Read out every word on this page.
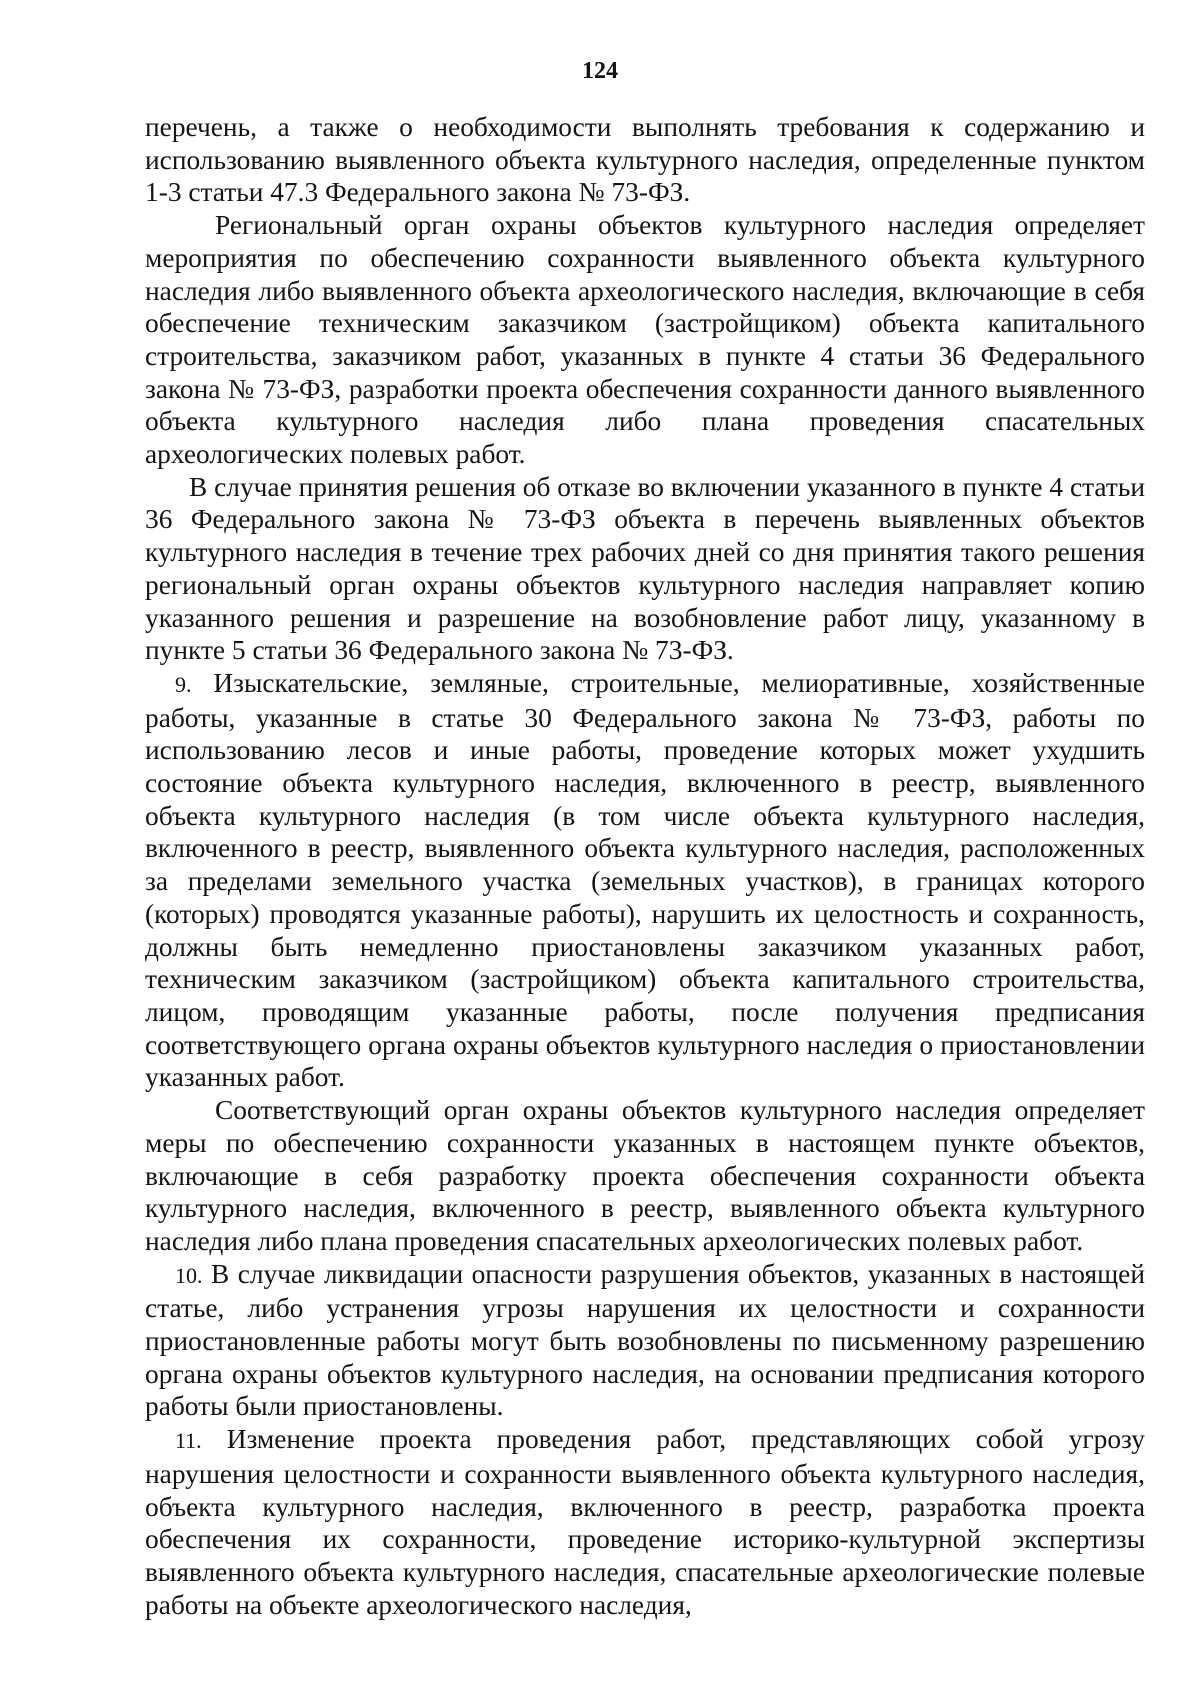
124

перечень, а также о необходимости выполнять требования к содержанию и использованию выявленного объекта культурного наследия, определенные пунктом 1-3 статьи 47.3 Федерального закона № 73-ФЗ.

Региональный орган охраны объектов культурного наследия определяет мероприятия по обеспечению сохранности выявленного объекта культурного наследия либо выявленного объекта археологического наследия, включающие в себя обеспечение техническим заказчиком (застройщиком) объекта капитального строительства, заказчиком работ, указанных в пункте 4 статьи 36 Федерального закона № 73-ФЗ, разработки проекта обеспечения сохранности данного выявленного объекта культурного наследия либо плана проведения спасательных археологических полевых работ.

В случае принятия решения об отказе во включении указанного в пункте 4 статьи 36 Федерального закона № 73-ФЗ объекта в перечень выявленных объектов культурного наследия в течение трех рабочих дней со дня принятия такого решения региональный орган охраны объектов культурного наследия направляет копию указанного решения и разрешение на возобновление работ лицу, указанному в пункте 5 статьи 36 Федерального закона № 73-ФЗ.

9. Изыскательские, земляные, строительные, мелиоративные, хозяйственные работы, указанные в статье 30 Федерального закона № 73-ФЗ, работы по использованию лесов и иные работы, проведение которых может ухудшить состояние объекта культурного наследия, включенного в реестр, выявленного объекта культурного наследия (в том числе объекта культурного наследия, включенного в реестр, выявленного объекта культурного наследия, расположенных за пределами земельного участка (земельных участков), в границах которого (которых) проводятся указанные работы), нарушить их целостность и сохранность, должны быть немедленно приостановлены заказчиком указанных работ, техническим заказчиком (застройщиком) объекта капитального строительства, лицом, проводящим указанные работы, после получения предписания соответствующего органа охраны объектов культурного наследия о приостановлении указанных работ.

Соответствующий орган охраны объектов культурного наследия определяет меры по обеспечению сохранности указанных в настоящем пункте объектов, включающие в себя разработку проекта обеспечения сохранности объекта культурного наследия, включенного в реестр, выявленного объекта культурного наследия либо плана проведения спасательных археологических полевых работ.

10. В случае ликвидации опасности разрушения объектов, указанных в настоящей статье, либо устранения угрозы нарушения их целостности и сохранности приостановленные работы могут быть возобновлены по письменному разрешению органа охраны объектов культурного наследия, на основании предписания которого работы были приостановлены.

11. Изменение проекта проведения работ, представляющих собой угрозу нарушения целостности и сохранности выявленного объекта культурного наследия, объекта культурного наследия, включенного в реестр, разработка проекта обеспечения их сохранности, проведение историко-культурной экспертизы выявленного объекта культурного наследия, спасательные археологические полевые работы на объекте археологического наследия,
